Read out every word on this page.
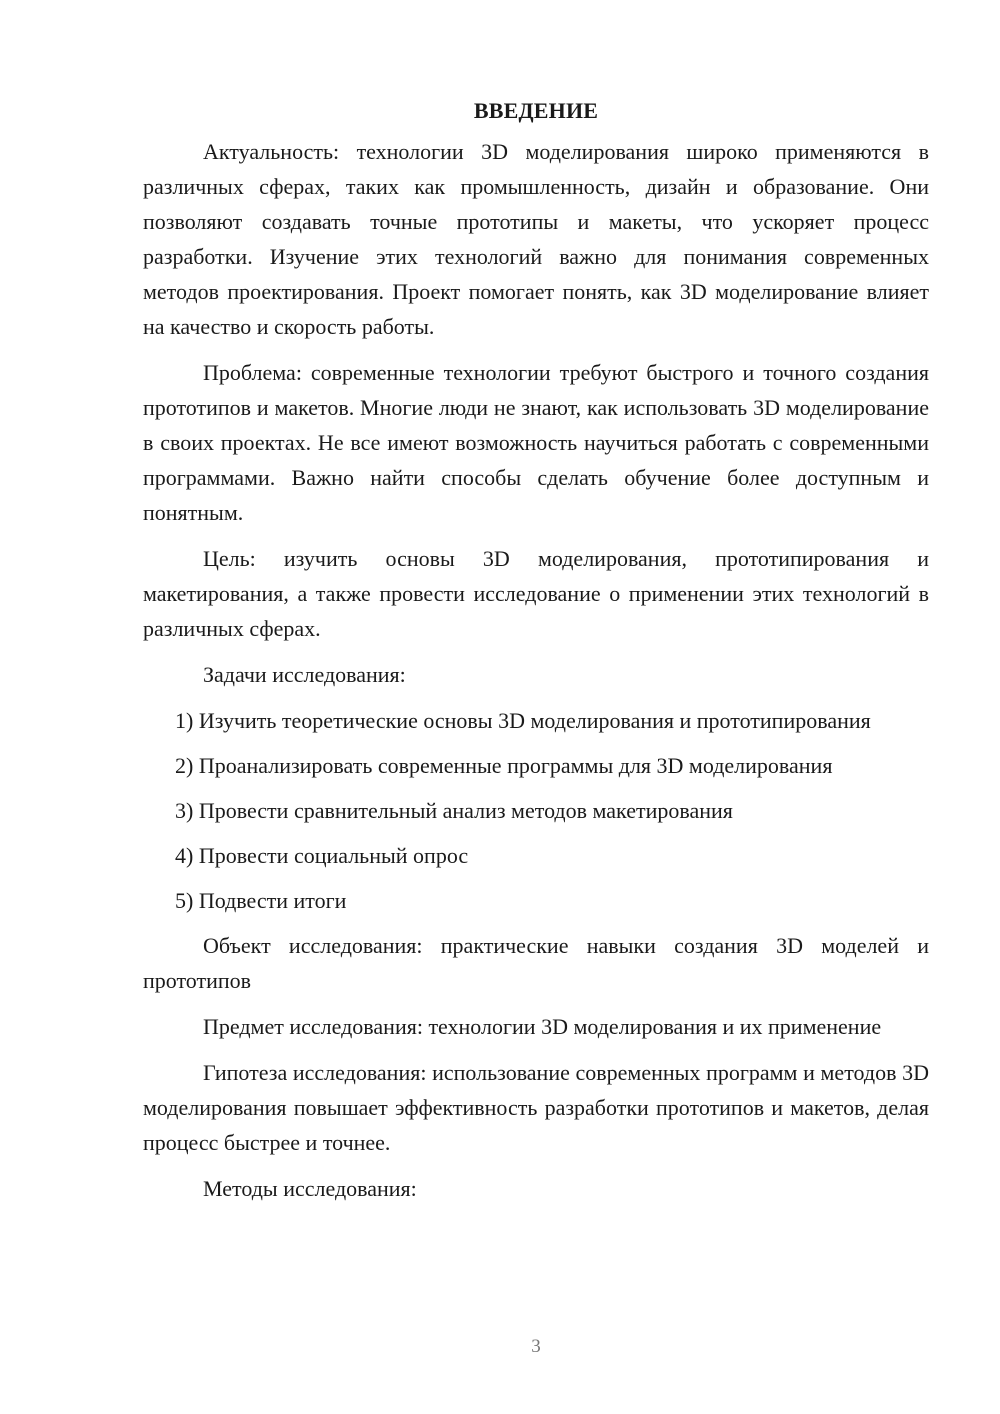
ВВЕДЕНИЕ

Актуальность: технологии 3D моделирования широко применяются в различных сферах, таких как промышленность, дизайн и образование. Они позволяют создавать точные прототипы и макеты, что ускоряет процесс разработки. Изучение этих технологий важно для понимания современных методов проектирования. Проект помогает понять, как 3D моделирование влияет на качество и скорость работы.

Проблема: современные технологии требуют быстрого и точного создания прототипов и макетов. Многие люди не знают, как использовать 3D моделирование в своих проектах. Не все имеют возможность научиться работать с современными программами. Важно найти способы сделать обучение более доступным и понятным.

Цель: изучить основы 3D моделирования, прототипирования и макетирования, а также провести исследование о применении этих технологий в различных сферах.

Задачи исследования:

1) Изучить теоретические основы 3D моделирования и прототипирования

2) Проанализировать современные программы для 3D моделирования

3) Провести сравнительный анализ методов макетирования

4) Провести социальный опрос

5) Подвести итоги

Объект исследования: практические навыки создания 3D моделей и прототипов

Предмет исследования: технологии 3D моделирования и их применение

Гипотеза исследования: использование современных программ и методов 3D моделирования повышает эффективность разработки прототипов и макетов, делая процесс быстрее и точнее.

Методы исследования:

3
